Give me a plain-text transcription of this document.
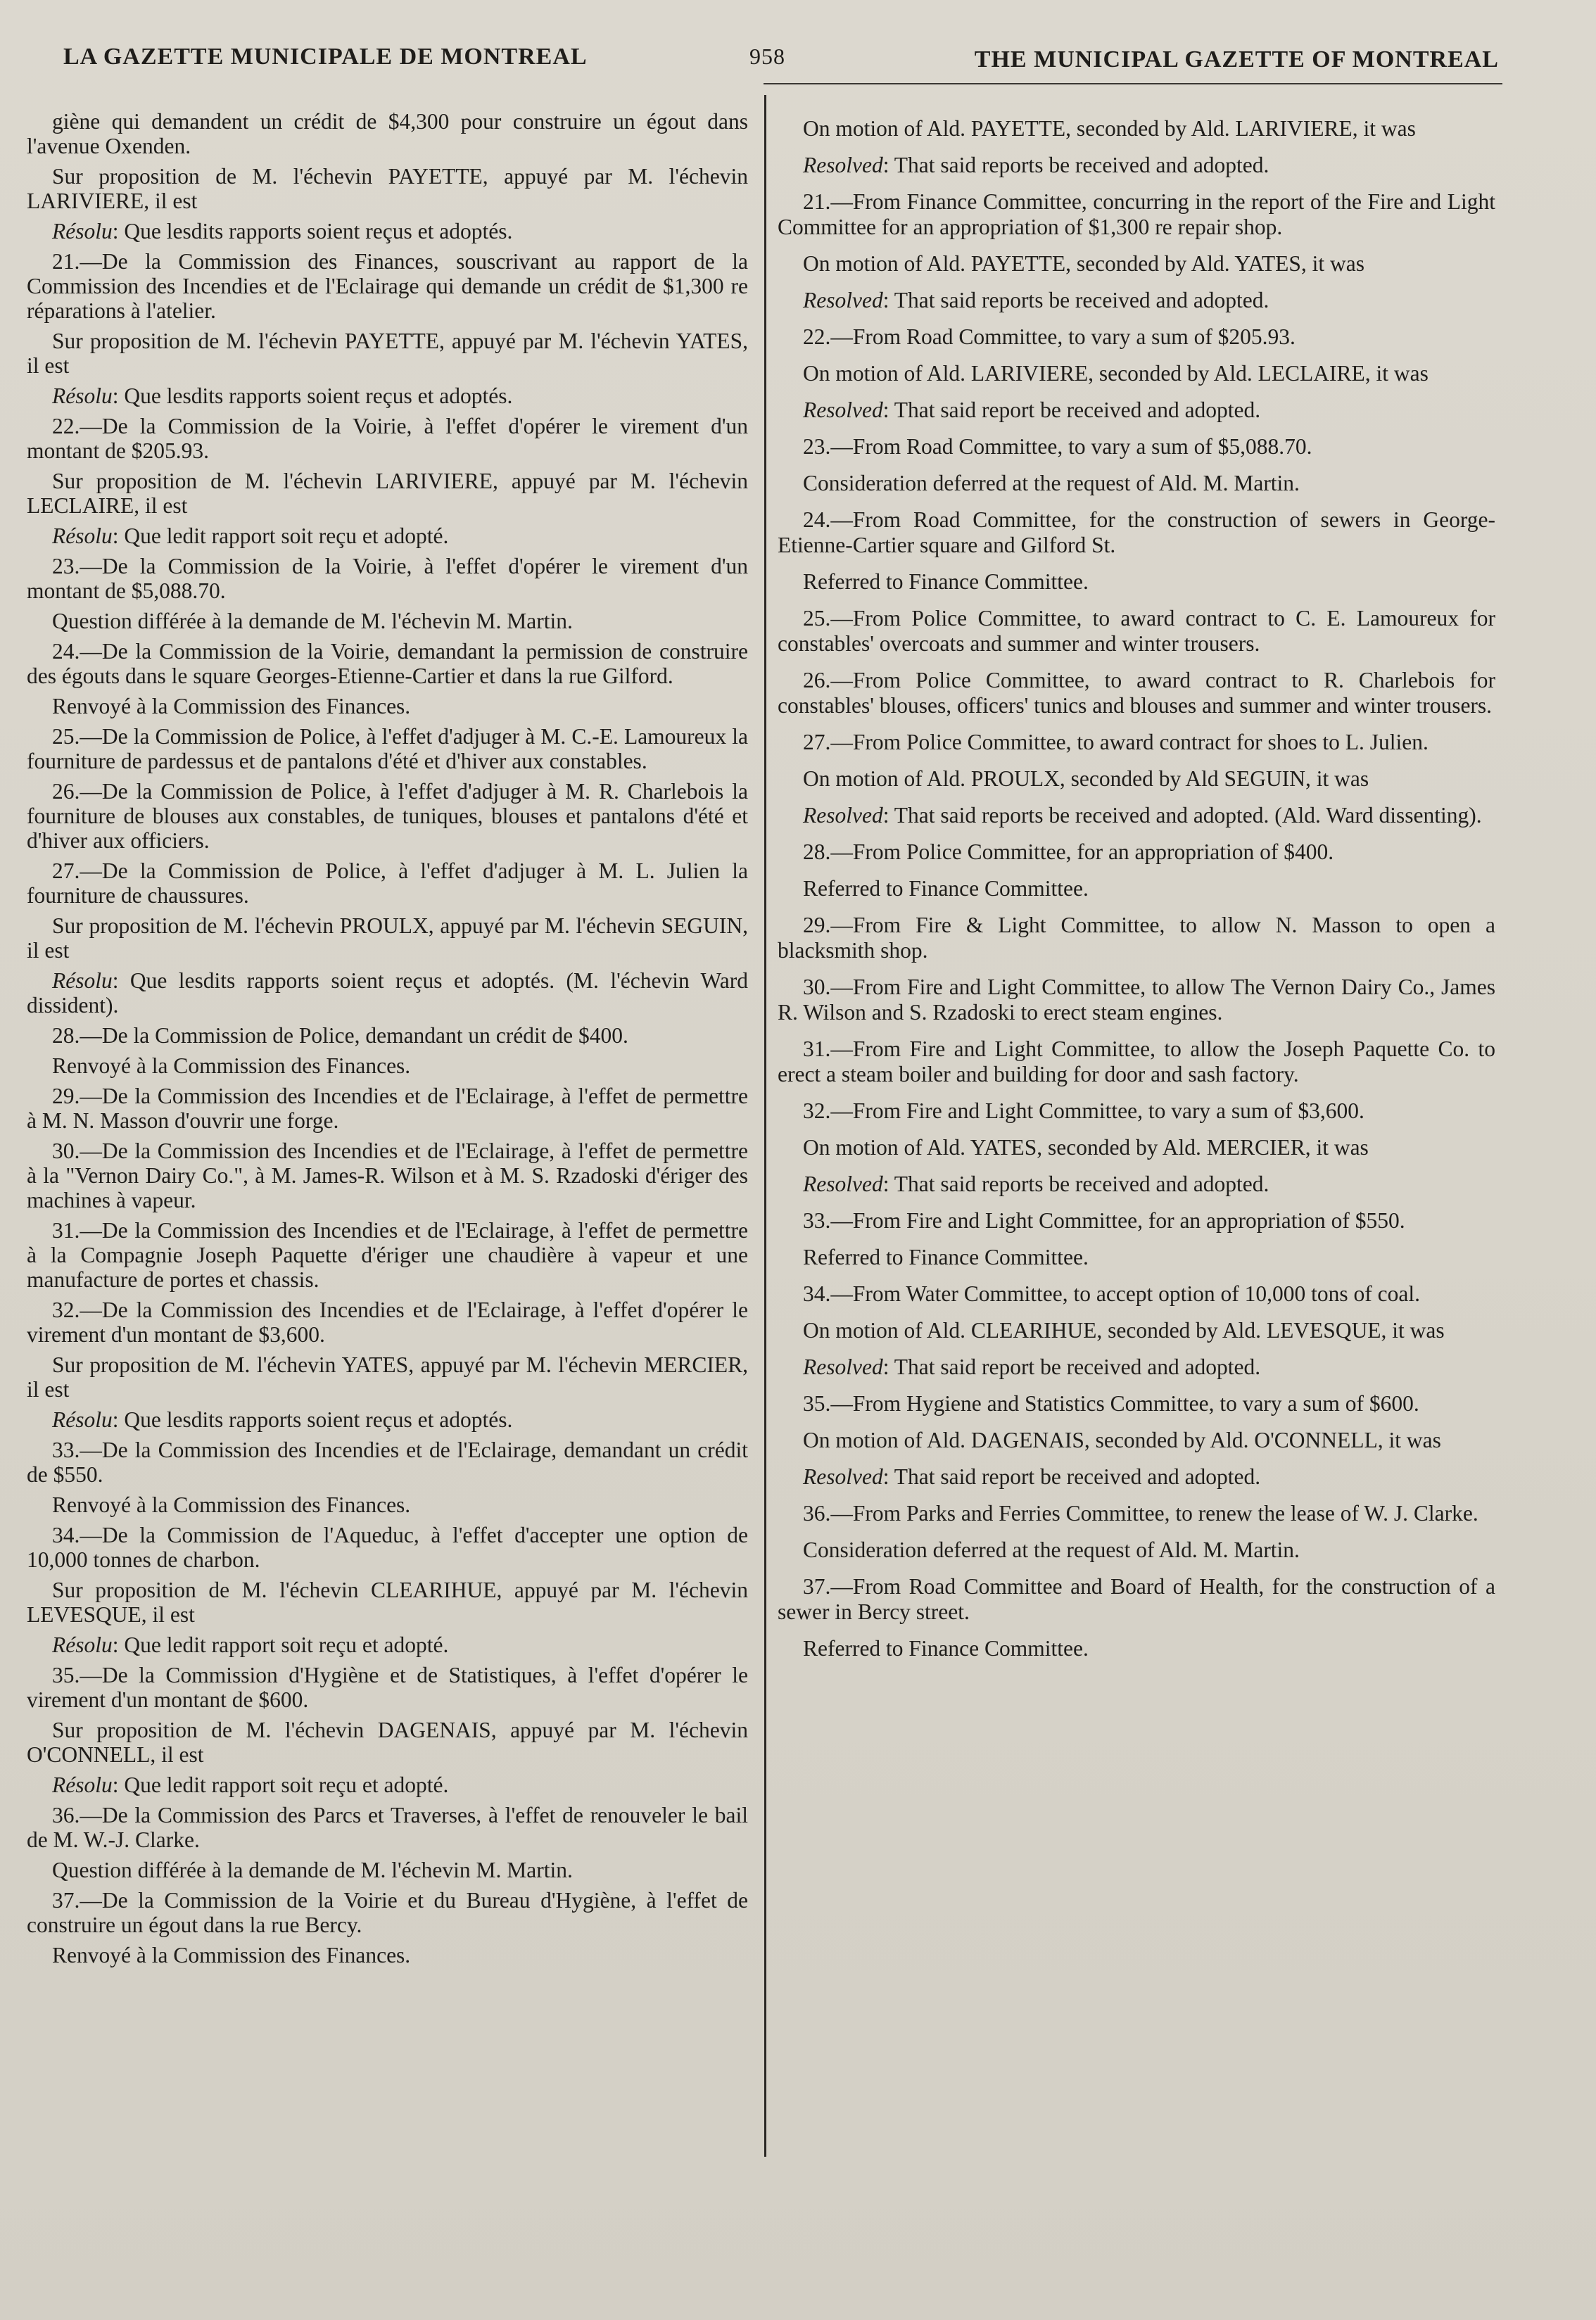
LA GAZETTE MUNICIPALE DE MONTREAL	958	THE MUNICIPAL GAZETTE OF MONTREAL

giène qui demandent un crédit de $4,300 pour construire un égout dans l'avenue Oxenden.

Sur proposition de M. l'échevin PAYETTE, appuyé par M. l'échevin LARIVIERE, il est

Résolu: Que lesdits rapports soient reçus et adoptés.

21.—De la Commission des Finances, souscrivant au rapport de la Commission des Incendies et de l'Eclairage qui demande un crédit de $1,300 re réparations à l'atelier.

Sur proposition de M. l'échevin PAYETTE, appuyé par M. l'échevin YATES, il est

Résolu: Que lesdits rapports soient reçus et adoptés.

22.—De la Commission de la Voirie, à l'effet d'opérer le virement d'un montant de $205.93.

Sur proposition de M. l'échevin LARIVIERE, appuyé par M. l'échevin LECLAIRE, il est

Résolu: Que ledit rapport soit reçu et adopté.

23.—De la Commission de la Voirie, à l'effet d'opérer le virement d'un montant de $5,088.70.

Question différée à la demande de M. l'échevin M. Martin.

24.—De la Commission de la Voirie, demandant la permission de construire des égouts dans le square Georges-Etienne-Cartier et dans la rue Gilford.

Renvoyé à la Commission des Finances.

25.—De la Commission de Police, à l'effet d'adjuger à M. C.-E. Lamoureux la fourniture de pardessus et de pantalons d'été et d'hiver aux constables.

26.—De la Commission de Police, à l'effet d'adjuger à M. R. Charlebois la fourniture de blouses aux constables, de tuniques, blouses et pantalons d'été et d'hiver aux officiers.

27.—De la Commission de Police, à l'effet d'adjuger à M. L. Julien la fourniture de chaussures.

Sur proposition de M. l'échevin PROULX, appuyé par M. l'échevin SEGUIN, il est

Résolu: Que lesdits rapports soient reçus et adoptés. (M. l'échevin Ward dissident).

28.—De la Commission de Police, demandant un crédit de $400.

Renvoyé à la Commission des Finances.

29.—De la Commission des Incendies et de l'Eclairage, à l'effet de permettre à M. N. Masson d'ouvrir une forge.

30.—De la Commission des Incendies et de l'Eclairage, à l'effet de permettre à la "Vernon Dairy Co.", à M. James-R. Wilson et à M. S. Rzadoski d'ériger des machines à vapeur.

31.—De la Commission des Incendies et de l'Eclairage, à l'effet de permettre à la Compagnie Joseph Paquette d'ériger une chaudière à vapeur et une manufacture de portes et chassis.

32.—De la Commission des Incendies et de l'Eclairage, à l'effet d'opérer le virement d'un montant de $3,600.

Sur proposition de M. l'échevin YATES, appuyé par M. l'échevin MERCIER, il est

Résolu: Que lesdits rapports soient reçus et adoptés.

33.—De la Commission des Incendies et de l'Eclairage, demandant un crédit de $550.

Renvoyé à la Commission des Finances.

34.—De la Commission de l'Aqueduc, à l'effet d'accepter une option de 10,000 tonnes de charbon.

Sur proposition de M. l'échevin CLEARIHUE, appuyé par M. l'échevin LEVESQUE, il est

Résolu: Que ledit rapport soit reçu et adopté.

35.—De la Commission d'Hygiène et de Statistiques, à l'effet d'opérer le virement d'un montant de $600.

Sur proposition de M. l'échevin DAGENAIS, appuyé par M. l'échevin O'CONNELL, il est

Résolu: Que ledit rapport soit reçu et adopté.

36.—De la Commission des Parcs et Traverses, à l'effet de renouveler le bail de M. W.-J. Clarke.

Question différée à la demande de M. l'échevin M. Martin.

37.—De la Commission de la Voirie et du Bureau d'Hygiène, à l'effet de construire un égout dans la rue Bercy.

Renvoyé à la Commission des Finances.

On motion of Ald. PAYETTE, seconded by Ald. LARIVIERE, it was

Resolved: That said reports be received and adopted.

21.—From Finance Committee, concurring in the report of the Fire and Light Committee for an appropriation of $1,300 re repair shop.

On motion of Ald. PAYETTE, seconded by Ald. YATES, it was

Resolved: That said reports be received and adopted.

22.—From Road Committee, to vary a sum of $205.93.

On motion of Ald. LARIVIERE, seconded by Ald. LECLAIRE, it was

Resolved: That said report be received and adopted.

23.—From Road Committee, to vary a sum of $5,088.70.

Consideration deferred at the request of Ald. M. Martin.

24.—From Road Committee, for the construction of sewers in George-Etienne-Cartier square and Gilford St.

Referred to Finance Committee.

25.—From Police Committee, to award contract to C. E. Lamoureux for constables' overcoats and summer and winter trousers.

26.—From Police Committee, to award contract to R. Charlebois for constables' blouses, officers' tunics and blouses and summer and winter trousers.

27.—From Police Committee, to award contract for shoes to L. Julien.

On motion of Ald. PROULX, seconded by Ald SEGUIN, it was

Resolved: That said reports be received and adopted. (Ald. Ward dissenting).

28.—From Police Committee, for an appropriation of $400.

Referred to Finance Committee.

29.—From Fire & Light Committee, to allow N. Masson to open a blacksmith shop.

30.—From Fire and Light Committee, to allow The Vernon Dairy Co., James R. Wilson and S. Rzadoski to erect steam engines.

31.—From Fire and Light Committee, to allow the Joseph Paquette Co. to erect a steam boiler and building for door and sash factory.

32.—From Fire and Light Committee, to vary a sum of $3,600.

On motion of Ald. YATES, seconded by Ald. MERCIER, it was

Resolved: That said reports be received and adopted.

33.—From Fire and Light Committee, for an appropriation of $550.

Referred to Finance Committee.

34.—From Water Committee, to accept option of 10,000 tons of coal.

On motion of Ald. CLEARIHUE, seconded by Ald. LEVESQUE, it was

Resolved: That said report be received and adopted.

35.—From Hygiene and Statistics Committee, to vary a sum of $600.

On motion of Ald. DAGENAIS, seconded by Ald. O'CONNELL, it was

Resolved: That said report be received and adopted.

36.—From Parks and Ferries Committee, to renew the lease of W. J. Clarke.

Consideration deferred at the request of Ald. M. Martin.

37.—From Road Committee and Board of Health, for the construction of a sewer in Bercy street.

Referred to Finance Committee.
